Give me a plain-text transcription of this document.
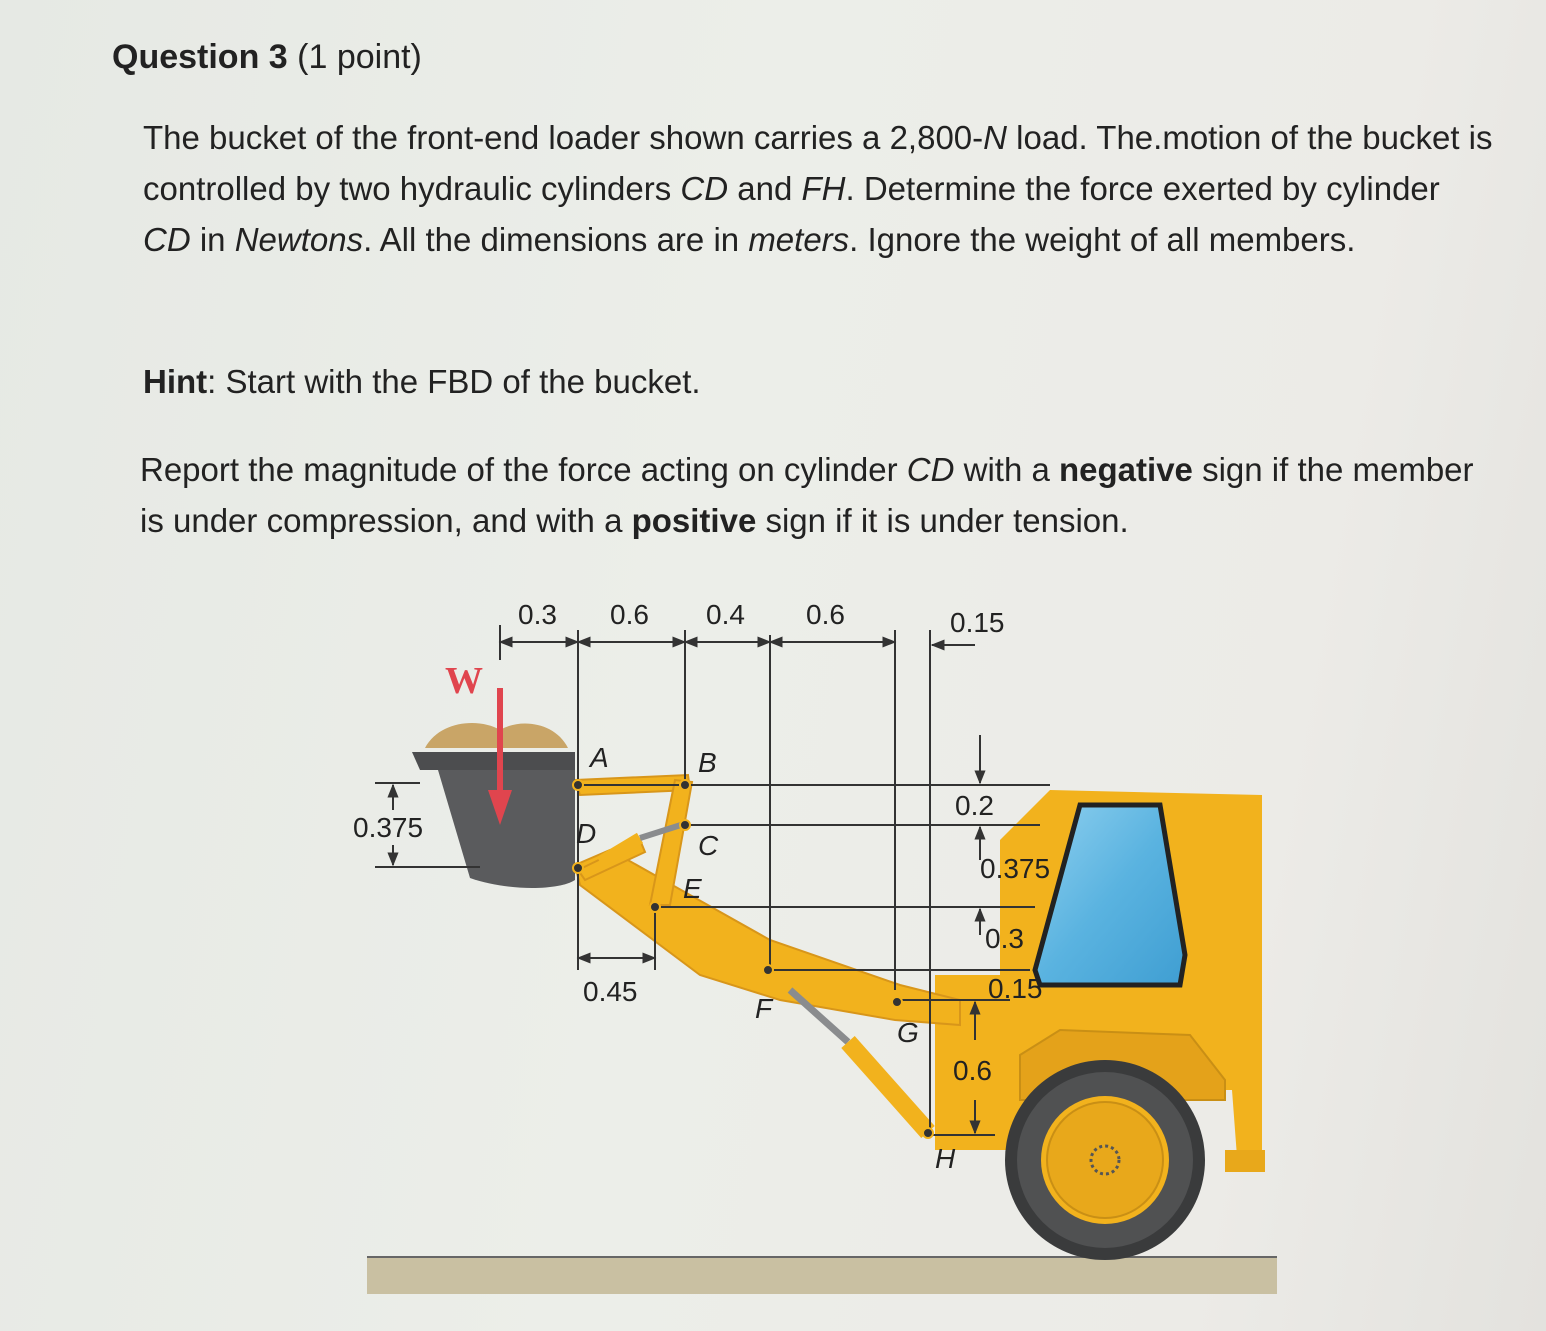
Question 3 (1 point)
The bucket of the front-end loader shown carries a 2,800-N load. The.motion of the bucket is controlled by two hydraulic cylinders CD and FH. Determine the force exerted by cylinder CD in Newtons. All the dimensions are in meters. Ignore the weight of all members.
Hint: Start with the FBD of the bucket.
Report the magnitude of the force acting on cylinder CD with a negative sign if the member is under compression, and with a positive sign if it is under tension.
W
A	B
C
D
E
F
G
H
0.3 0.6 0.4 0.6	0.15
0.45
0.375
0.2
0.375
0.3
0.15
0.6
